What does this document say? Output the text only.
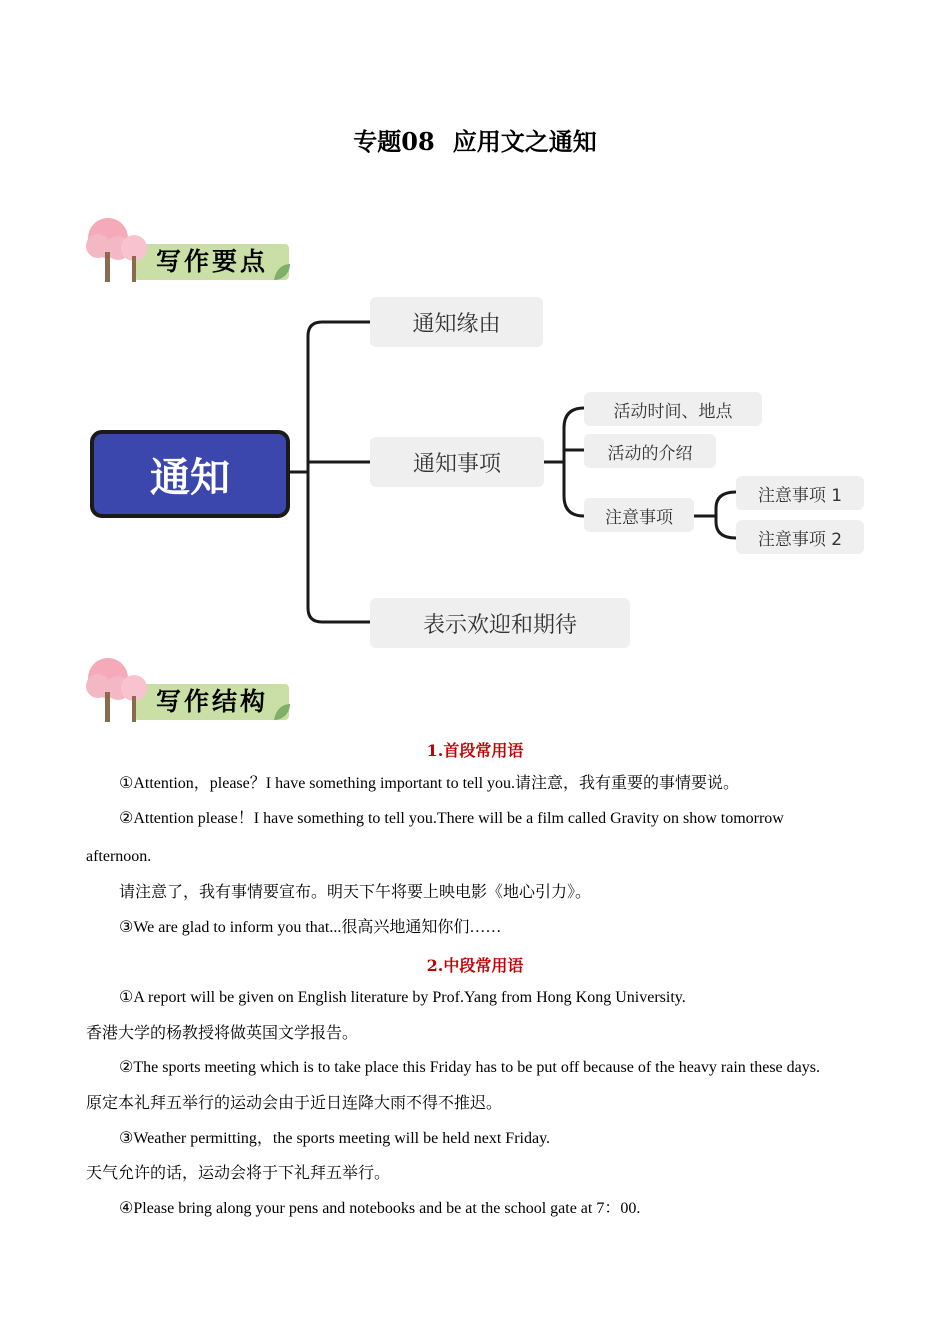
专题08 应用文之通知
写作要点
通知
通知缘由
通知事项
表示欢迎和期待
活动时间、地点
活动的介绍
注意事项
注意事项 1
注意事项 2
写作结构
1.首段常用语
①Attention，please？I have something important to tell you.请注意，我有重要的事情要说。
②Attention please！I have something to tell you.There will be a film called Gravity on show tomorrow
afternoon.
请注意了，我有事情要宣布。明天下午将要上映电影《地心引力》。
③We are glad to inform you that...很高兴地通知你们……
2.中段常用语
①A report will be given on English literature by Prof.Yang from Hong Kong University.
香港大学的杨教授将做英国文学报告。
②The sports meeting which is to take place this Friday has to be put off because of the heavy rain these days.
原定本礼拜五举行的运动会由于近日连降大雨不得不推迟。
③Weather permitting，the sports meeting will be held next Friday.
天气允许的话，运动会将于下礼拜五举行。
④Please bring along your pens and notebooks and be at the school gate at 7：00.
